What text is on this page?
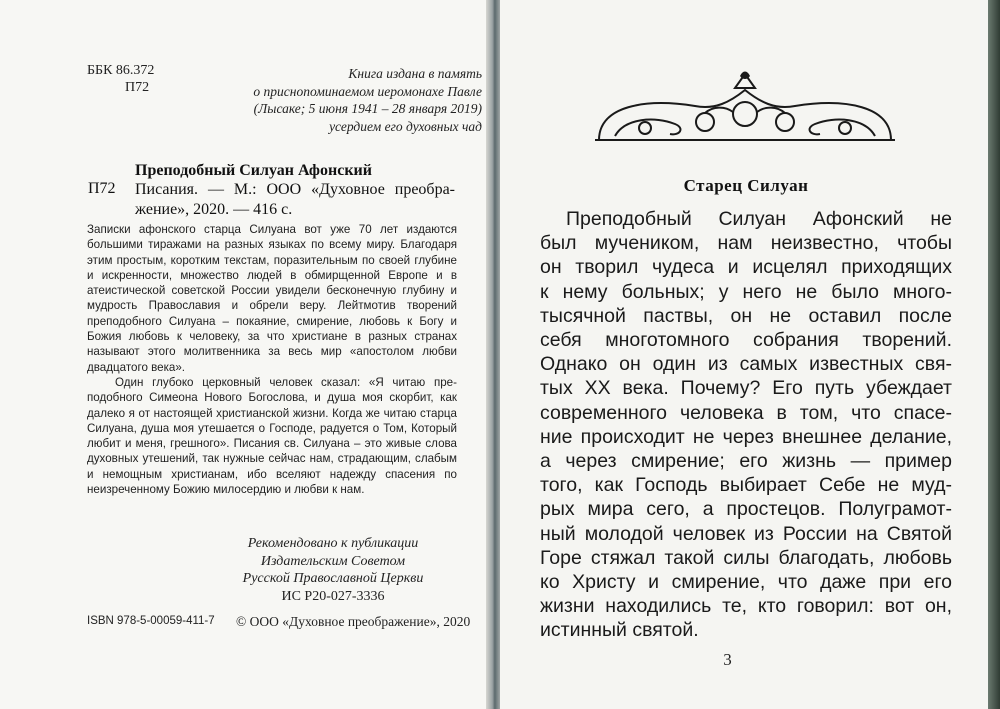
ББК 86.372
П72
Книга издана в память
о приснопоминаемом иеромонахе Павле
(Лысаке; 5 июня 1941 – 28 января 2019)
усердием его духовных чад
Преподобный Силуан Афонский
П72 Писания. — М.: ООО «Духовное преображение», 2020. — 416 с.

Записки афонского старца Силуана вот уже 70 лет издаются большими тиражами на разных языках по всему миру. Благодаря этим простым, коротким текстам, поразительным по своей глубине и искренности, множество людей в обмирщенной Европе и в атеистической советской России увидели бесконечную глубину и мудрость Православия и обрели веру. Лейтмотив творений преподобного Силуана – покаяние, смирение, любовь к Богу и Божия любовь к человеку, за что христиане в разных странах называют этого молитвенника за весь мир «апостолом любви двадцатого века».

Один глубоко церковный человек сказал: «Я читаю преподобного Симеона Нового Богослова, и душа моя скорбит, как далеко я от настоящей христианской жизни. Когда же читаю старца Силуана, душа моя утешается о Господе, радуется о Том, Который любит и меня, грешного». Писания св. Силуана – это живые слова духовных утешений, так нужные сейчас нам, страдающим, слабым и немощным христианам, ибо вселяют надежду спасения по неизреченному Божию милосердию и любви к нам.

Рекомендовано к публикации
Издательским Советом
Русской Православной Церкви
ИС Р20-027-3336
ISBN 978-5-00059-411-7 © ООО «Духовное преображение», 2020
Старец Силуан
Преподобный Силуан Афонский не
был мучеником, нам неизвестно, чтобы
он творил чудеса и исцелял приходящих
к нему больных; у него не было много-
тысячной паствы, он не оставил после
себя многотомного собрания творений.
Однако он один из самых известных свя-
тых XX века. Почему? Его путь убеждает
современного человека в том, что спасе-
ние происходит не через внешнее делание,
а через смирение; его жизнь — пример
того, как Господь выбирает Себе не муд-
рых мира сего, а простецов. Полуграмот-
ный молодой человек из России на Святой
Горе стяжал такой силы благодать, любовь
ко Христу и смирение, что даже при его
жизни находились те, кто говорил: вот он,
истинный святой.
3
